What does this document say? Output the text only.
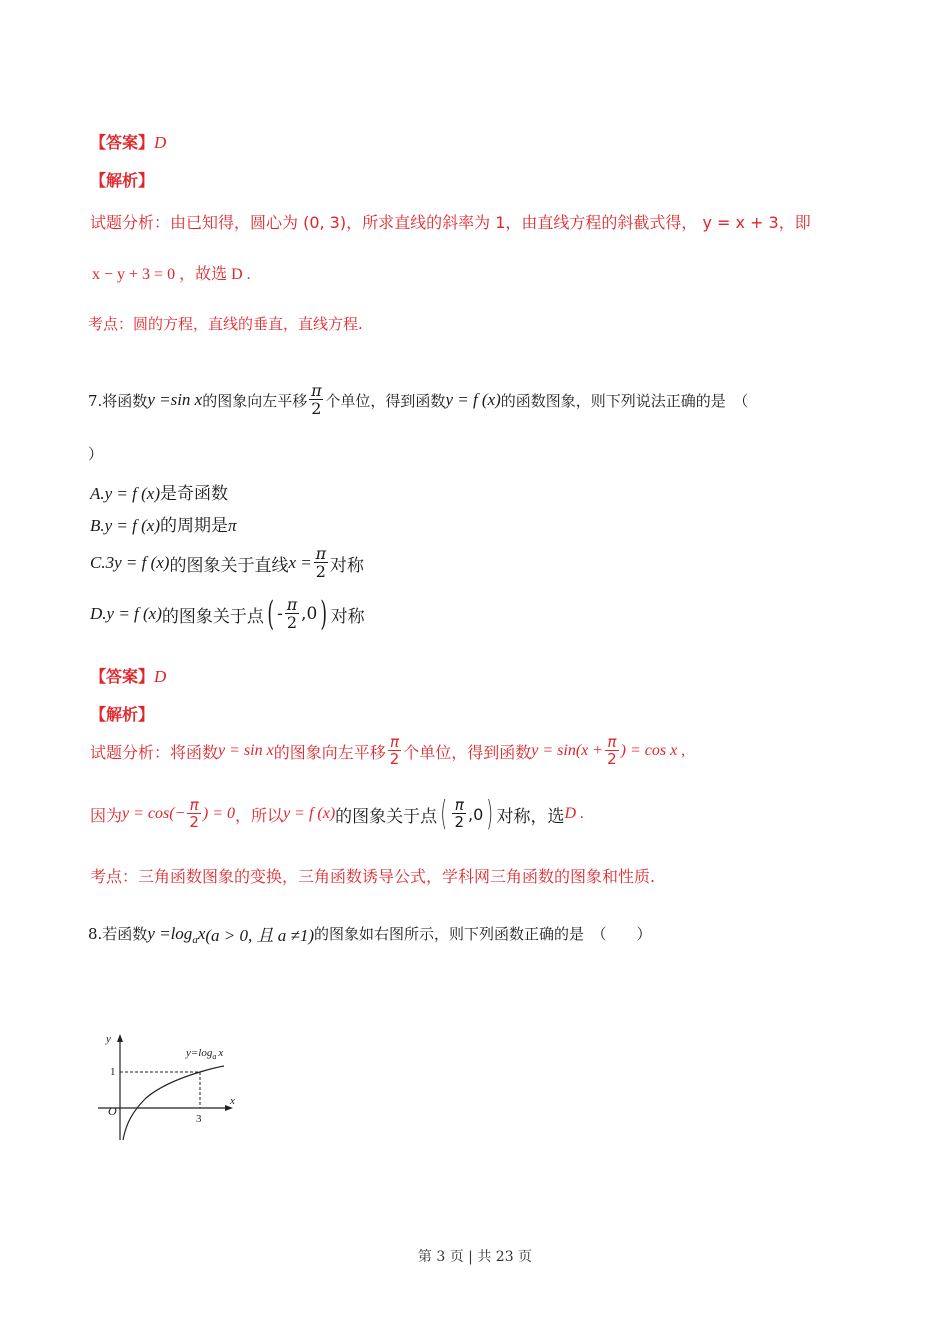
【答案】D
【解析】
试题分析：由已知得，圆心为 (0, 3)，所求直线的斜率为 1，由直线方程的斜截式得， y = x + 3，即
x − y + 3 = 0 ，故选 D .
考点：圆的方程，直线的垂直，直线方程.
7.将函数 y =sin x 的图象向左平移 $\frac{\pi}{2}$ 个单位，得到函数 y = f (x) 的函数图象，则下列说法正确的是　（
）
A.y = f (x)是奇函数
B.y = f (x)的周期是π
C.3 y = f (x) 的图象关于直线 $x = \frac{\pi}{2}$ 对称
D. y = f (x) 的图象关于点 ( - $\frac{\pi}{2} ,0$ ) 对称
【答案】D
【解析】
试题分析：将函数 y = sin x 的图象向左平移 $\frac{\pi}{2}$ 个单位，得到函数 $y = \sin(x + \frac{\pi}{2}$ ) = cos x ,
因为 $y = \cos(- \frac{\pi}{2}$ ) = 0 ，所以 y = f (x) 的图象关于点 ( $\frac{\pi}{2} ,0$ ) 对称，选 D .
考点：三角函数图象的变换，三角函数诱导公式，学科网三角函数的图象和性质.
8.若函数 y =log a x (a > 0, 且 a ≠1) 的图象如右图所示，则下列函数正确的是　（　　）
y
x
O
1
3
$y=\log_a$ x
第 3 页 | 共 23 页
